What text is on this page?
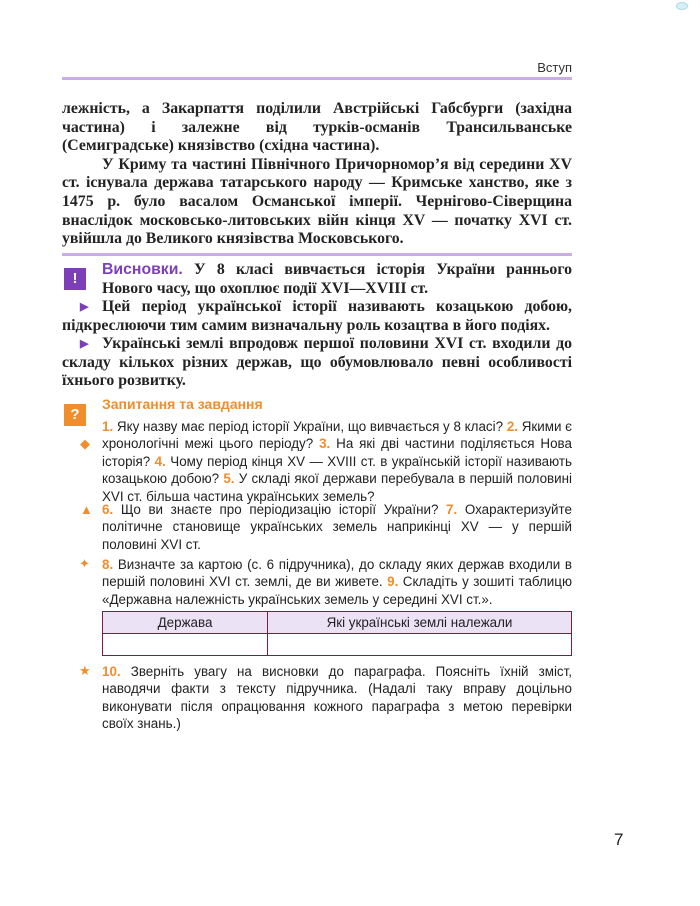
Вступ

лежність, а Закарпаття поділили Австрійські Габсбурги (західна частина) і залежне від турків-османів Трансильванське (Семиградське) князівство (східна частина).

У Криму та частині Північного Причорномор’я від середини XV ст. існувала держава татарського народу — Кримське ханство, яке з 1475 р. було васалом Османської імперії. Чернігово-Сіверщина внаслідок московсько-литовських війн кінця XV — початку XVI ст. увійшла до Великого князівства Московського.

!

Висновки. У 8 класі вивчається історія України раннього Нового часу, що охоплює події XVI—XVIII ст.

▶ Цей період української історії називають козацькою добою, підкреслюючи тим самим визначальну роль козацтва в його подіях.

▶ Українські землі впродовж першої половини XVI ст. входили до складу кількох різних держав, що обумовлювало певні особливості їхнього розвитку.

?
Запитання та завдання
◆
1. Яку назву має період історії України, що вивчається у 8 класі? 2. Якими є хронологічні межі цього періоду? 3. На які дві частини поділяється Нова історія? 4. Чому період кінця XV — XVIII ст. в українській історії називають козацькою добою? 5. У складі якої держави перебувала в першій половині XVI ст. більша частина українських земель?
▲ 6. Що ви знаєте про періодизацію історії України? 7. Охарактеризуйте політичне становище українських земель наприкінці XV — у першій половині XVI ст.
✦ 8. Визначте за картою (с. 6 підручника), до складу яких держав входили в першій половині XVI ст. землі, де ви живете. 9. Складіть у зошиті таблицю «Державна належність українських земель у середині XVI ст.».
Держава	Які українські землі належали

★ 10. Зверніть увагу на висновки до параграфа. Поясніть їхній зміст, наводячи факти з тексту підручника. (Надалі таку вправу доцільно виконувати після опрацювання кожного параграфа з метою перевірки своїх знань.)
7
